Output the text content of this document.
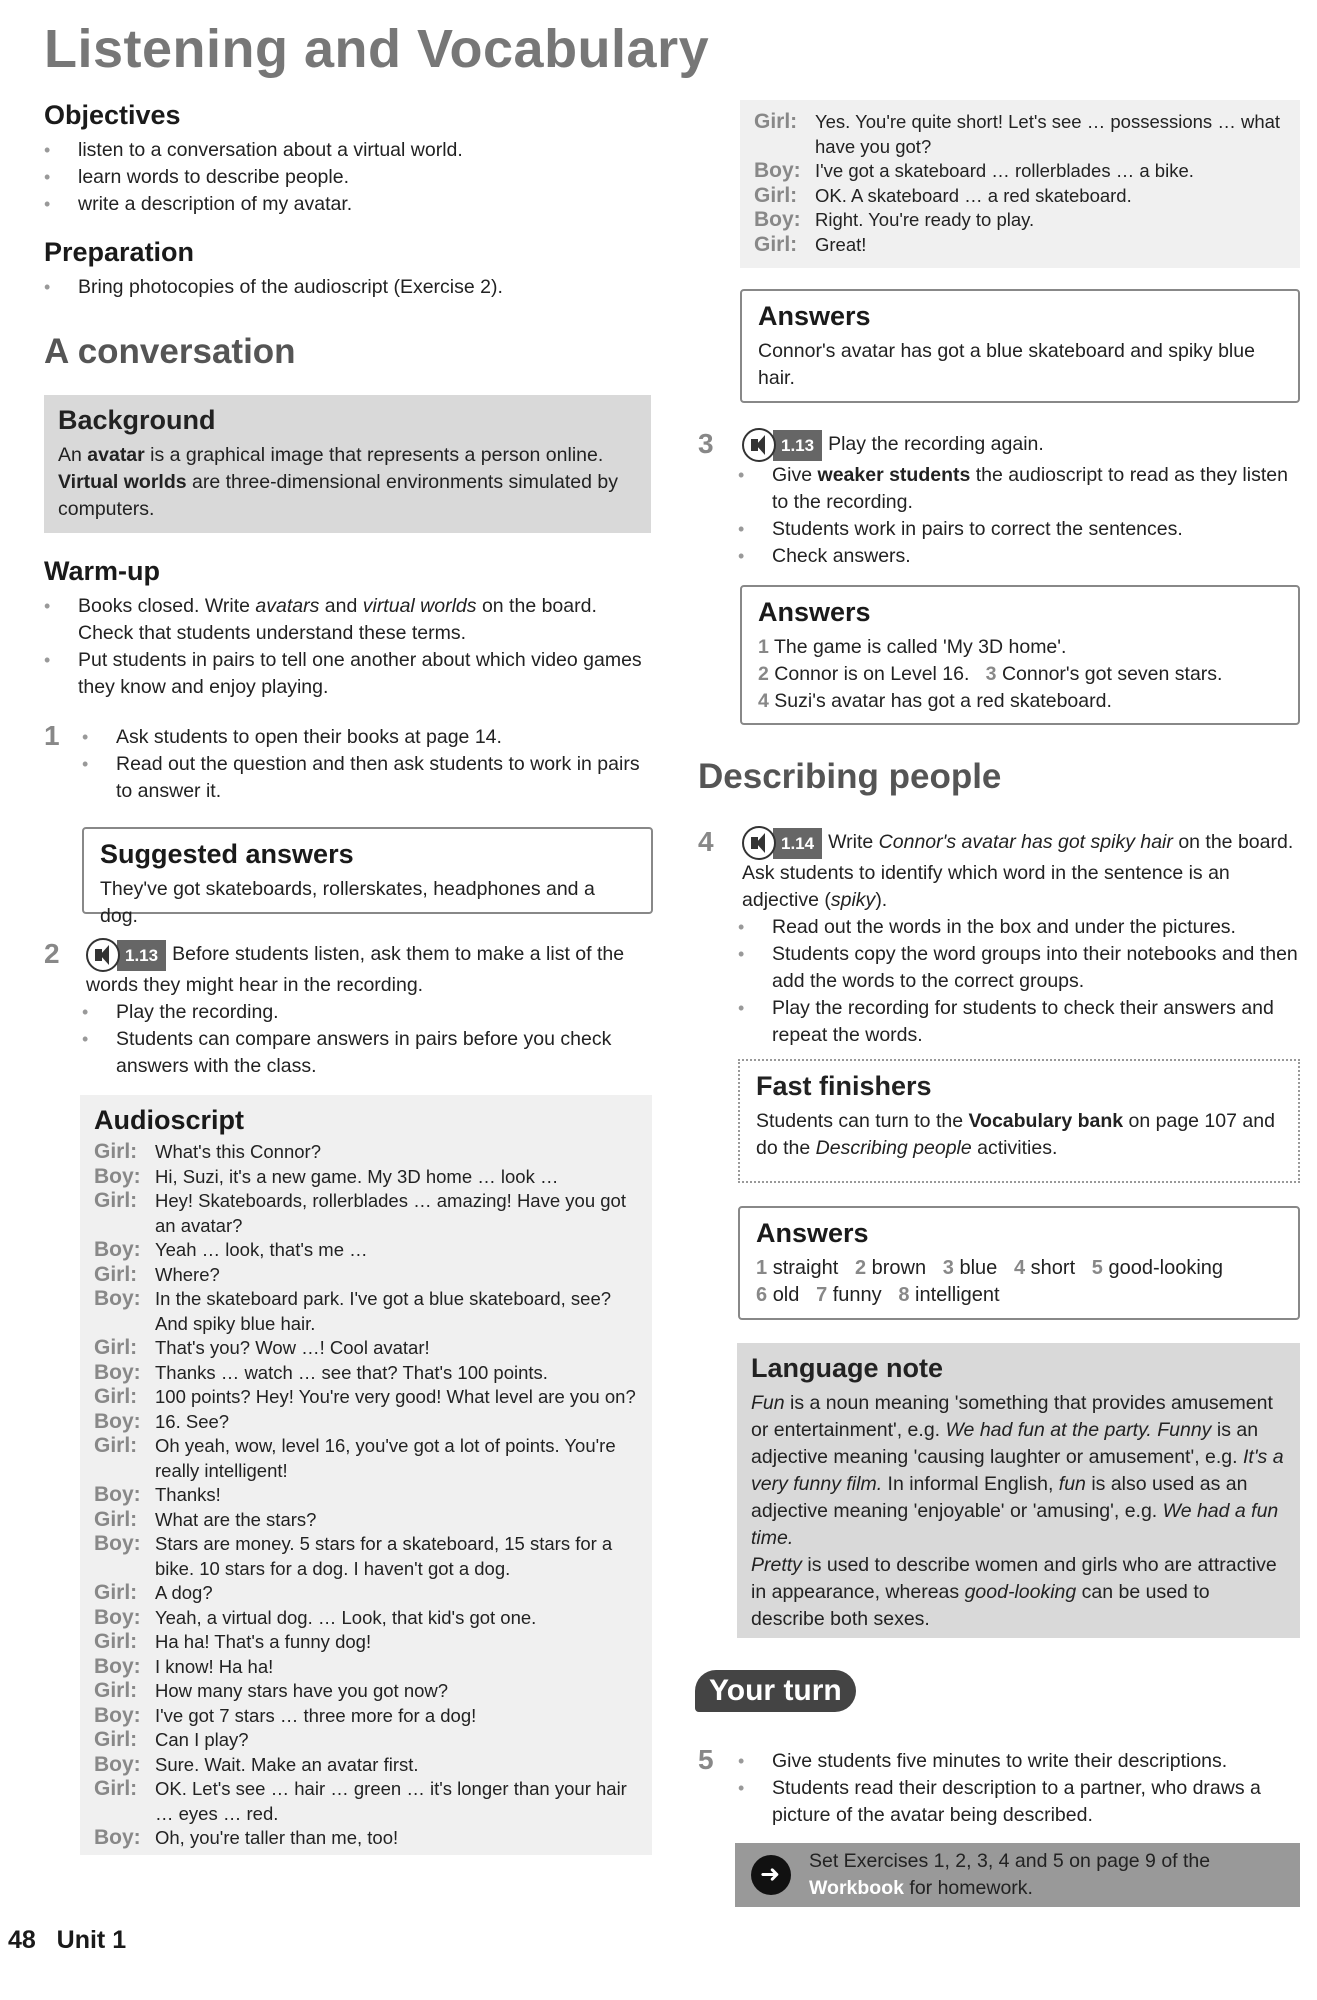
Listening and Vocabulary
Objectives
• listen to a conversation about a virtual world.
• learn words to describe people.
• write a description of my avatar.
Preparation
• Bring photocopies of the audioscript (Exercise 2).
A conversation
Background
An avatar is a graphical image that represents a person online. Virtual worlds are three-dimensional environments simulated by computers.
Warm-up
• Books closed. Write avatars and virtual worlds on the board. Check that students understand these terms.
• Put students in pairs to tell one another about which video games they know and enjoy playing.
1	• Ask students to open their books at page 14.
• Read out the question and then ask students to work in pairs to answer it.
Suggested answers
They've got skateboards, rollerskates, headphones and a dog.
2	1.13 Before students listen, ask them to make a list of the words they might hear in the recording.
• Play the recording.
• Students can compare answers in pairs before you check answers with the class.
Audioscript
Girl: What's this Connor?
Boy: Hi, Suzi, it's a new game. My 3D home … look …
Girl: Hey! Skateboards, rollerblades … amazing! Have you got an avatar?
Boy: Yeah … look, that's me …
Girl: Where?
Boy: In the skateboard park. I've got a blue skateboard, see? And spiky blue hair.
Girl: That's you? Wow …! Cool avatar!
Boy: Thanks … watch … see that? That's 100 points.
Girl: 100 points? Hey! You're very good! What level are you on?
Boy: 16. See?
Girl: Oh yeah, wow, level 16, you've got a lot of points. You're really intelligent!
Boy: Thanks!
Girl: What are the stars?
Boy: Stars are money. 5 stars for a skateboard, 15 stars for a bike. 10 stars for a dog. I haven't got a dog.
Girl: A dog?
Boy: Yeah, a virtual dog. … Look, that kid's got one.
Girl: Ha ha! That's a funny dog!
Boy: I know! Ha ha!
Girl: How many stars have you got now?
Boy: I've got 7 stars … three more for a dog!
Girl: Can I play?
Boy: Sure. Wait. Make an avatar first.
Girl: OK. Let's see … hair … green … it's longer than your hair … eyes … red.
Boy: Oh, you're taller than me, too!
Girl: Yes. You're quite short! Let's see … possessions … what have you got?
Boy: I've got a skateboard … rollerblades … a bike.
Girl: OK. A skateboard … a red skateboard.
Boy: Right. You're ready to play.
Girl: Great!
Answers
Connor's avatar has got a blue skateboard and spiky blue hair.
3	1.13 Play the recording again.
• Give weaker students the audioscript to read as they listen to the recording.
• Students work in pairs to correct the sentences.
• Check answers.
Answers
1 The game is called 'My 3D home'.
2 Connor is on Level 16. 3 Connor's got seven stars.
4 Suzi's avatar has got a red skateboard.
Describing people
4	1.14 Write Connor's avatar has got spiky hair on the board. Ask students to identify which word in the sentence is an adjective (spiky).
• Read out the words in the box and under the pictures.
• Students copy the word groups into their notebooks and then add the words to the correct groups.
• Play the recording for students to check their answers and repeat the words.
Fast finishers
Students can turn to the Vocabulary bank on page 107 and do the Describing people activities.
Answers
1 straight 2 brown 3 blue 4 short 5 good-looking
6 old 7 funny 8 intelligent
Language note
Fun is a noun meaning 'something that provides amusement or entertainment', e.g. We had fun at the party. Funny is an adjective meaning 'causing laughter or amusement', e.g. It's a very funny film. In informal English, fun is also used as an adjective meaning 'enjoyable' or 'amusing', e.g. We had a fun time.
Pretty is used to describe women and girls who are attractive in appearance, whereas good-looking can be used to describe both sexes.
Your turn
5	• Give students five minutes to write their descriptions.
• Students read their description to a partner, who draws a picture of the avatar being described.
➜
Set Exercises 1, 2, 3, 4 and 5 on page 9 of the Workbook for homework.
48 Unit 1
